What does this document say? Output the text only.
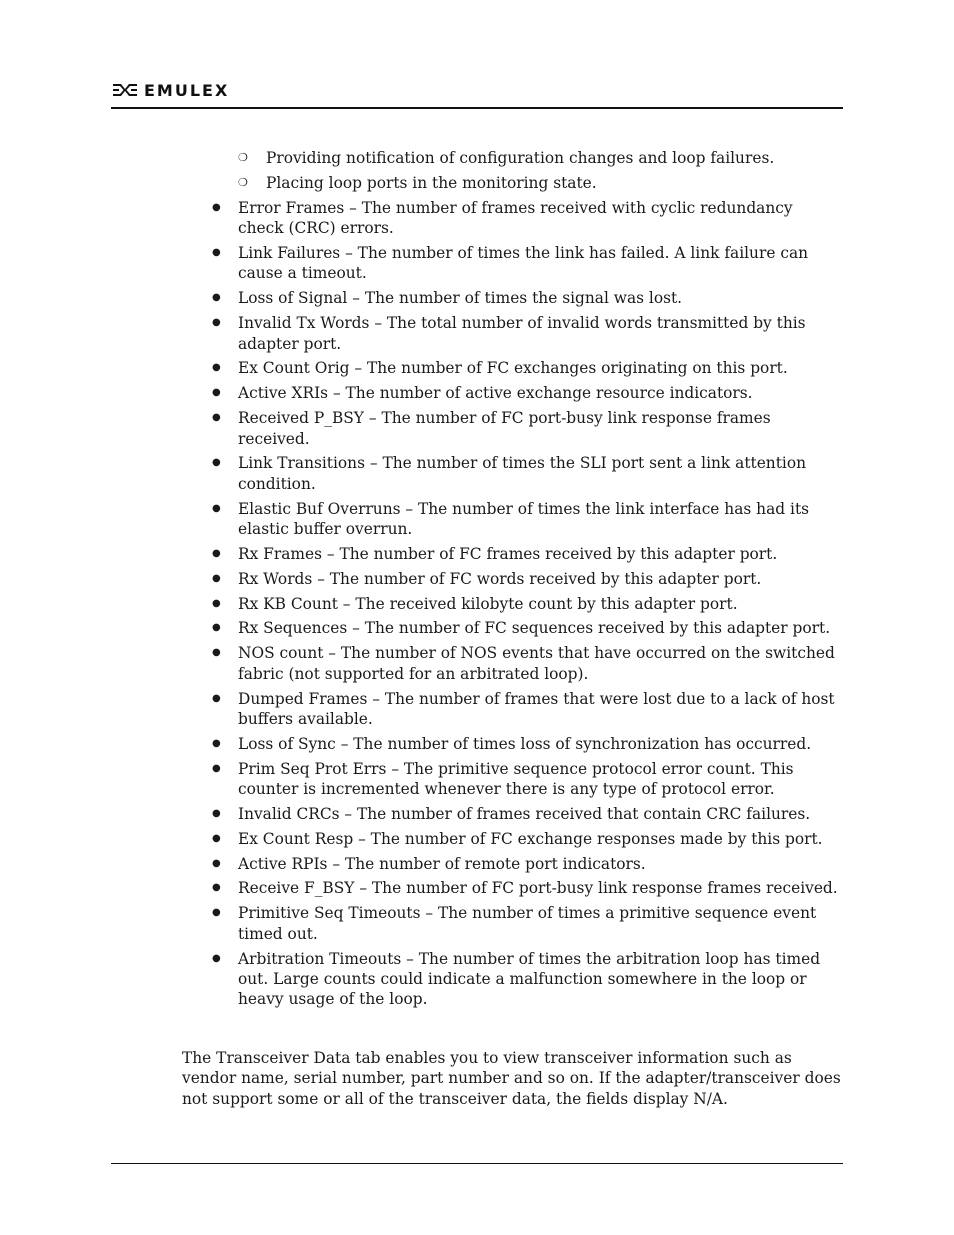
EMULEX
❍ Providing notification of configuration changes and loop failures.
❍ Placing loop ports in the monitoring state.
● Error Frames – The number of frames received with cyclic redundancy check (CRC) errors.
● Link Failures – The number of times the link has failed. A link failure can cause a timeout.
● Loss of Signal – The number of times the signal was lost.
● Invalid Tx Words – The total number of invalid words transmitted by this adapter port.
● Ex Count Orig – The number of FC exchanges originating on this port.
● Active XRIs – The number of active exchange resource indicators.
● Received P_BSY – The number of FC port-busy link response frames received.
● Link Transitions – The number of times the SLI port sent a link attention condition.
● Elastic Buf Overruns – The number of times the link interface has had its elastic buffer overrun.
● Rx Frames – The number of FC frames received by this adapter port.
● Rx Words – The number of FC words received by this adapter port.
● Rx KB Count – The received kilobyte count by this adapter port.
● Rx Sequences – The number of FC sequences received by this adapter port.
● NOS count – The number of NOS events that have occurred on the switched fabric (not supported for an arbitrated loop).
● Dumped Frames – The number of frames that were lost due to a lack of host buffers available.
● Loss of Sync – The number of times loss of synchronization has occurred.
● Prim Seq Prot Errs – The primitive sequence protocol error count. This counter is incremented whenever there is any type of protocol error.
● Invalid CRCs – The number of frames received that contain CRC failures.
● Ex Count Resp – The number of FC exchange responses made by this port.
● Active RPIs – The number of remote port indicators.
● Receive F_BSY – The number of FC port-busy link response frames received.
● Primitive Seq Timeouts – The number of times a primitive sequence event timed out.
● Arbitration Timeouts – The number of times the arbitration loop has timed out. Large counts could indicate a malfunction somewhere in the loop or heavy usage of the loop.

The Transceiver Data tab enables you to view transceiver information such as vendor name, serial number, part number and so on. If the adapter/transceiver does not support some or all of the transceiver data, the fields display N/A.
